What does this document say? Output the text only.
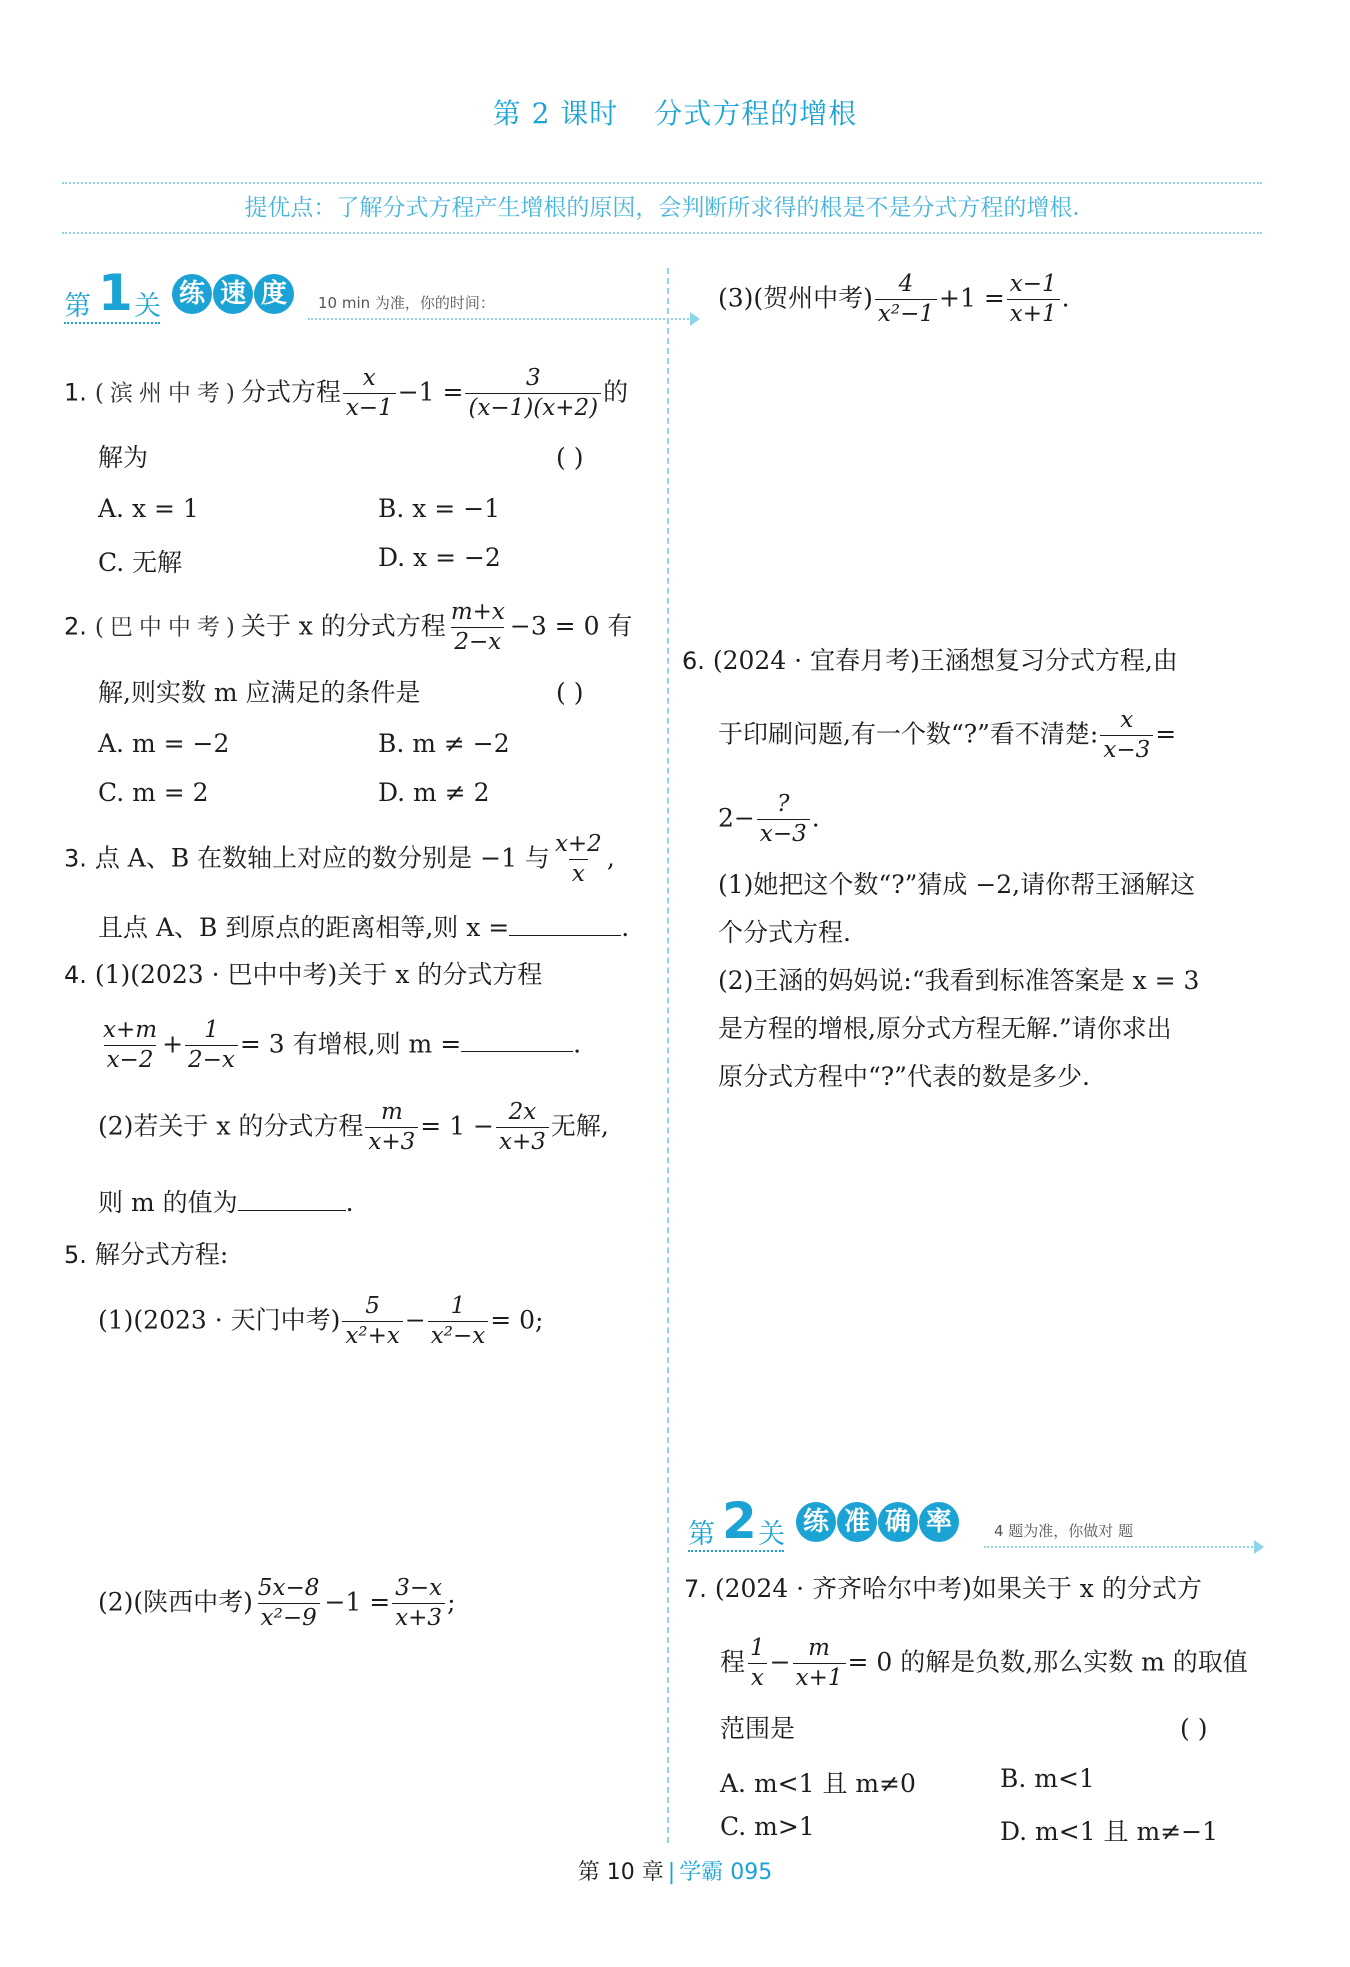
第 2 课时 分式方程的增根
提优点：了解分式方程产生增根的原因，会判断所求得的根是不是分式方程的增根.
第 1 关 练 速 度	10 min 为准，你的时间：
1. (滨州中考)分式方程 $\frac{x}{x-1} -1 = \frac{3}{(x-1)(x+2)}$ 的
解为	( )
A. x = 1	B. x = −1
C. 无解	D. x = −2
2. (巴中中考)关于 x 的分式方程 $\frac{m+x}{2-x} -3 = 0$ 有
解,则实数 m 应满足的条件是	( )
A. m = −2	B. m ≠ −2
C. m = 2	D. m ≠ 2
3. 点 A、B 在数轴上对应的数分别是 −1 与 $\frac{x+2}{x}$ ,
且点 A、B 到原点的距离相等,则 x =	.
4. (1)(2023 · 巴中中考)关于 x 的分式方程
$\frac{x+m}{x-2} + \frac{1}{2-x} = 3$ 有增根,则 m =	.
(2)若关于 x 的分式方程 $\frac{m}{x+3} = 1 - \frac{2x}{x+3}$ 无解,
则 m 的值为	.
5. 解分式方程:
(1)(2023 · 天门中考) $\frac{5}{\text{x²+x}} - \frac{1}{\text{x²−x}} = 0$;
(2)(陕西中考) $\frac{5x-8}{\text{x²−9}} -1 = \frac{3-x}{x+3}$ ;
(3)(贺州中考) $\frac{4}{\text{x²−1}} +1 = \frac{x-1}{x+1}$ .
6. (2024 · 宜春月考)王涵想复习分式方程,由
于印刷问题,有一个数“?”看不清楚: $\frac{x}{x-3}$ =
$2- \frac{?}{x-3}$ .
(1)她把这个数“?”猜成 −2,请你帮王涵解这
个分式方程.
(2)王涵的妈妈说:“我看到标准答案是 x = 3
是方程的增根,原分式方程无解.”请你求出
原分式方程中“?”代表的数是多少.
第 2 关 练 准 确 率	4 题为准，你做对 题
7. (2024 · 齐齐哈尔中考)如果关于 x 的分式方
程 $\frac{1}{x} - \frac{m}{x+1} = 0$ 的解是负数,那么实数 m 的取值
范围是	( )
A. m<1 且 m≠0	B. m<1
C. m>1	D. m<1 且 m≠−1
第 10 章 | 学霸 095
